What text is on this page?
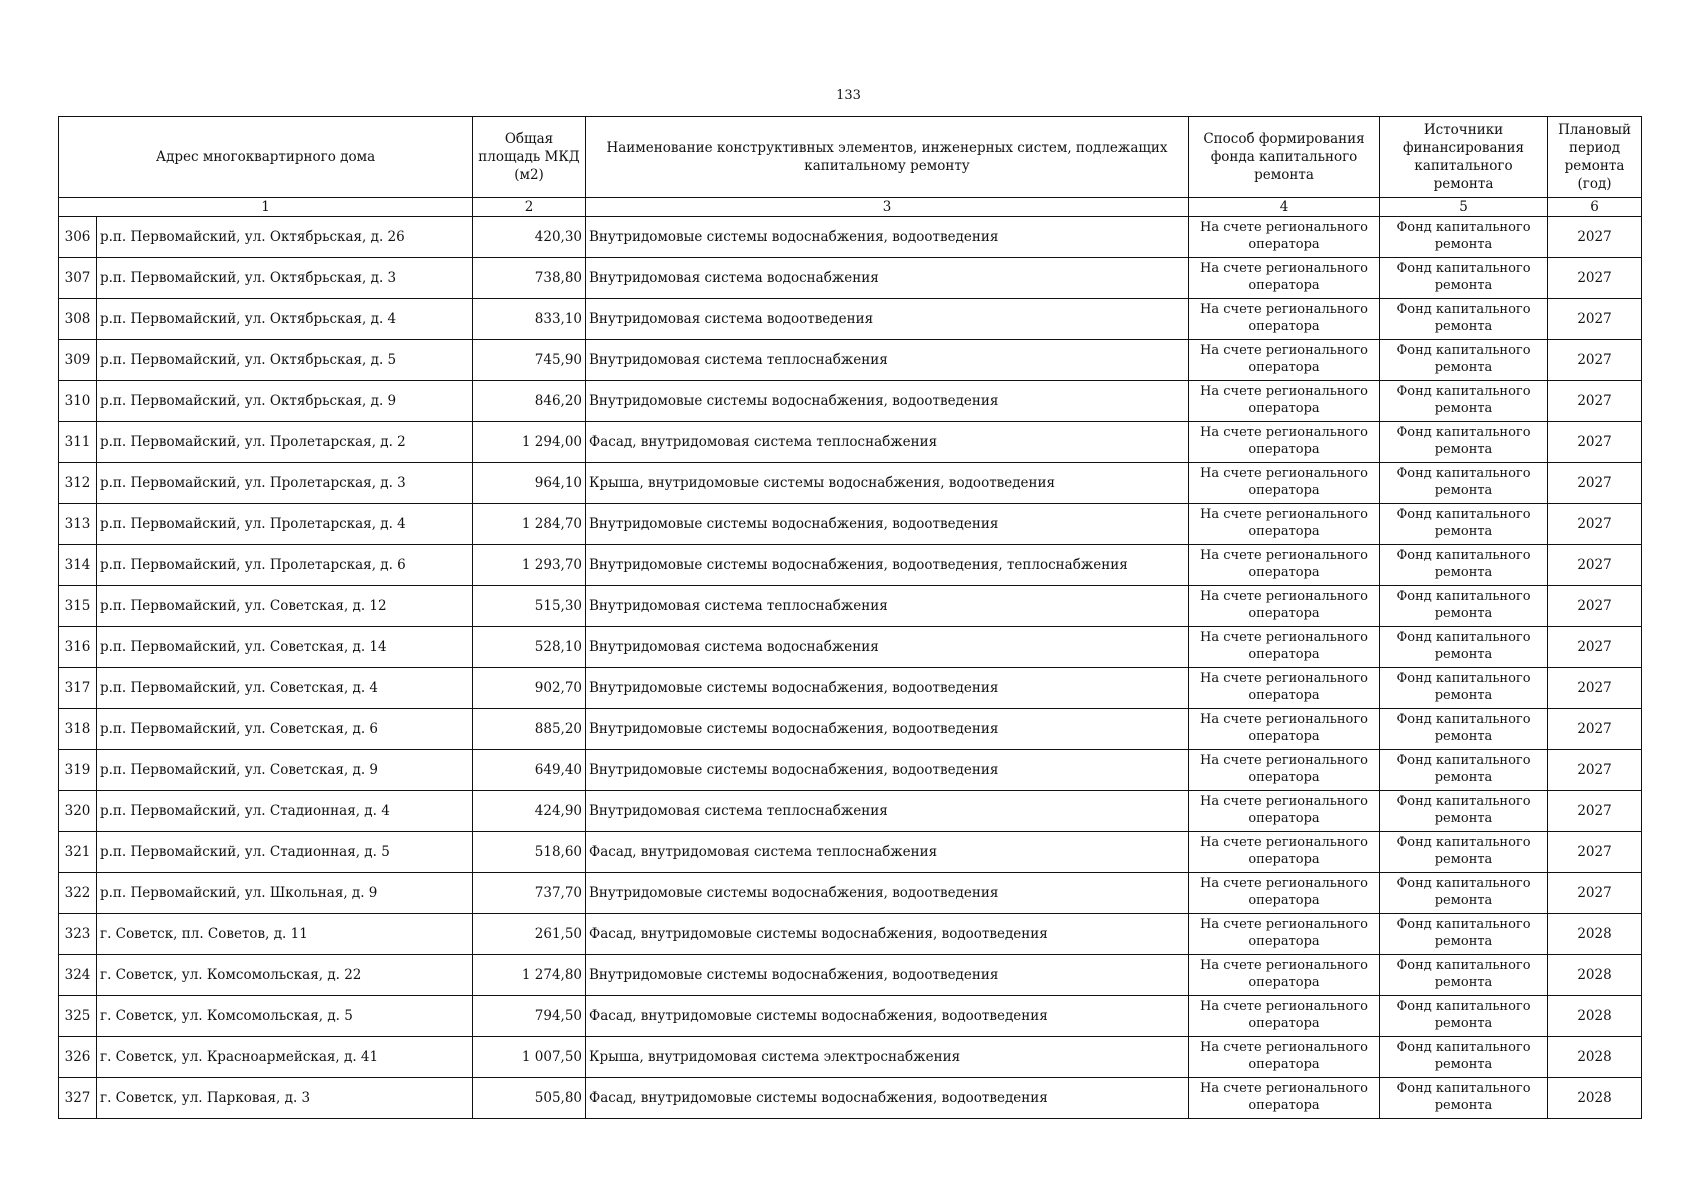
133
Адрес многоквартирного дома		Общая площадь МКД (м2)	Наименование конструктивных элементов, инженерных систем, подлежащих капитальному ремонту	Способ формирования фонда капитального ремонта	Источники финансирования капитального ремонта	Плановый период ремонта (год)
1		2	3	4	5	6
306	р.п. Первомайский, ул. Октябрьская, д. 26	420,30	Внутридомовые системы водоснабжения, водоотведения	На счете регионального оператора	Фонд капитального ремонта	2027
307	р.п. Первомайский, ул. Октябрьская, д. 3	738,80	Внутридомовая система водоснабжения	На счете регионального оператора	Фонд капитального ремонта	2027
308	р.п. Первомайский, ул. Октябрьская, д. 4	833,10	Внутридомовая система водоотведения	На счете регионального оператора	Фонд капитального ремонта	2027
309	р.п. Первомайский, ул. Октябрьская, д. 5	745,90	Внутридомовая система теплоснабжения	На счете регионального оператора	Фонд капитального ремонта	2027
310	р.п. Первомайский, ул. Октябрьская, д. 9	846,20	Внутридомовые системы водоснабжения, водоотведения	На счете регионального оператора	Фонд капитального ремонта	2027
311	р.п. Первомайский, ул. Пролетарская, д. 2	1 294,00	Фасад, внутридомовая система теплоснабжения	На счете регионального оператора	Фонд капитального ремонта	2027
312	р.п. Первомайский, ул. Пролетарская, д. 3	964,10	Крыша, внутридомовые системы водоснабжения, водоотведения	На счете регионального оператора	Фонд капитального ремонта	2027
313	р.п. Первомайский, ул. Пролетарская, д. 4	1 284,70	Внутридомовые системы водоснабжения, водоотведения	На счете регионального оператора	Фонд капитального ремонта	2027
314	р.п. Первомайский, ул. Пролетарская, д. 6	1 293,70	Внутридомовые системы водоснабжения, водоотведения, теплоснабжения	На счете регионального оператора	Фонд капитального ремонта	2027
315	р.п. Первомайский, ул. Советская, д. 12	515,30	Внутридомовая система теплоснабжения	На счете регионального оператора	Фонд капитального ремонта	2027
316	р.п. Первомайский, ул. Советская, д. 14	528,10	Внутридомовая система водоснабжения	На счете регионального оператора	Фонд капитального ремонта	2027
317	р.п. Первомайский, ул. Советская, д. 4	902,70	Внутридомовые системы водоснабжения, водоотведения	На счете регионального оператора	Фонд капитального ремонта	2027
318	р.п. Первомайский, ул. Советская, д. 6	885,20	Внутридомовые системы водоснабжения, водоотведения	На счете регионального оператора	Фонд капитального ремонта	2027
319	р.п. Первомайский, ул. Советская, д. 9	649,40	Внутридомовые системы водоснабжения, водоотведения	На счете регионального оператора	Фонд капитального ремонта	2027
320	р.п. Первомайский, ул. Стадионная, д. 4	424,90	Внутридомовая система теплоснабжения	На счете регионального оператора	Фонд капитального ремонта	2027
321	р.п. Первомайский, ул. Стадионная, д. 5	518,60	Фасад, внутридомовая система теплоснабжения	На счете регионального оператора	Фонд капитального ремонта	2027
322	р.п. Первомайский, ул. Школьная, д. 9	737,70	Внутридомовые системы водоснабжения, водоотведения	На счете регионального оператора	Фонд капитального ремонта	2027
323	г. Советск, пл. Советов, д. 11	261,50	Фасад, внутридомовые системы водоснабжения, водоотведения	На счете регионального оператора	Фонд капитального ремонта	2028
324	г. Советск, ул. Комсомольская, д. 22	1 274,80	Внутридомовые системы водоснабжения, водоотведения	На счете регионального оператора	Фонд капитального ремонта	2028
325	г. Советск, ул. Комсомольская, д. 5	794,50	Фасад, внутридомовые системы водоснабжения, водоотведения	На счете регионального оператора	Фонд капитального ремонта	2028
326	г. Советск, ул. Красноармейская, д. 41	1 007,50	Крыша, внутридомовая система электроснабжения	На счете регионального оператора	Фонд капитального ремонта	2028
327	г. Советск, ул. Парковая, д. 3	505,80	Фасад, внутридомовые системы водоснабжения, водоотведения	На счете регионального оператора	Фонд капитального ремонта	2028
